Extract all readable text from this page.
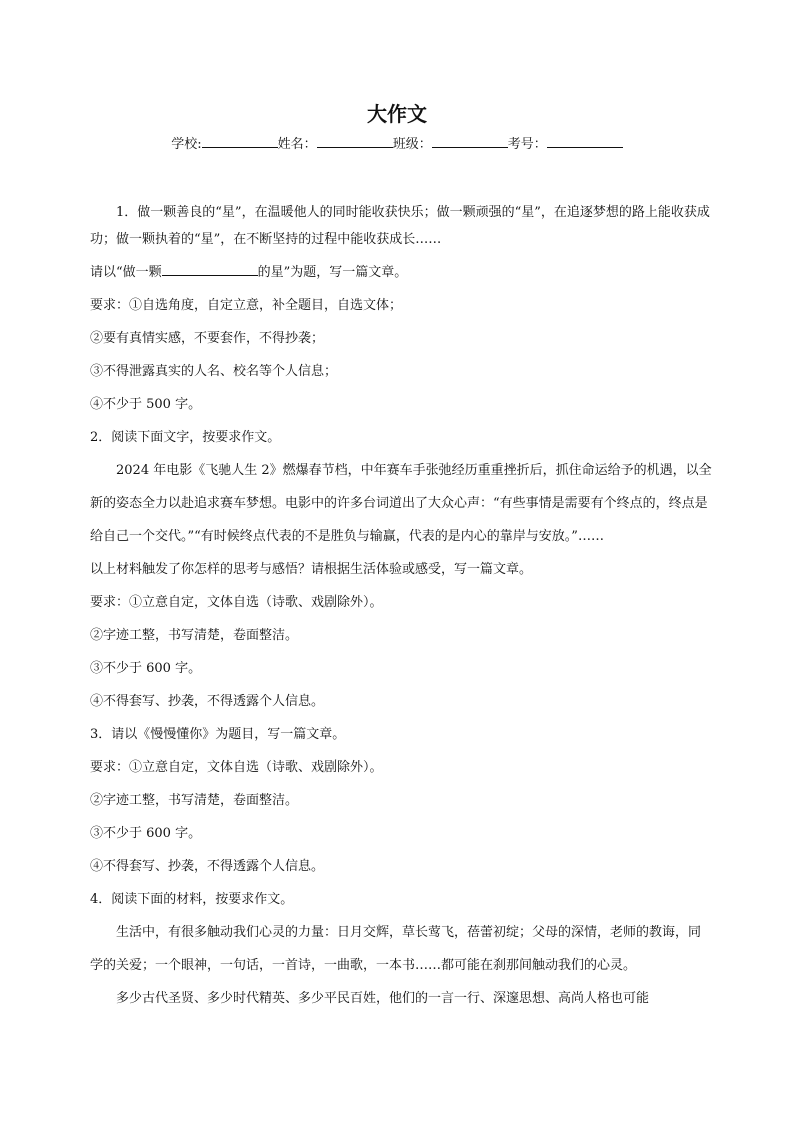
大作文
学校:	姓名：	班级：	考号：

1．做一颗善良的“星”，在温暖他人的同时能收获快乐；做一颗顽强的“星”，在追逐梦想的路上能收获成功；做一颗执着的“星”，在不断坚持的过程中能收获成长……

请以“做一颗	的星”为题，写一篇文章。

要求：①自选角度，自定立意，补全题目，自选文体；

②要有真情实感，不要套作，不得抄袭；

③不得泄露真实的人名、校名等个人信息；

④不少于 500 字。

2．阅读下面文字，按要求作文。

2024 年电影《飞驰人生 2》燃爆春节档，中年赛车手张弛经历重重挫折后，抓住命运给予的机遇，以全新的姿态全力以赴追求赛车梦想。电影中的许多台词道出了大众心声：“有些事情是需要有个终点的，终点是给自己一个交代。”“有时候终点代表的不是胜负与输赢，代表的是内心的靠岸与安放。”……

以上材料触发了你怎样的思考与感悟？请根据生活体验或感受，写一篇文章。

要求：①立意自定，文体自选（诗歌、戏剧除外）。

②字迹工整，书写清楚，卷面整洁。

③不少于 600 字。

④不得套写、抄袭，不得透露个人信息。

3．请以《慢慢懂你》为题目，写一篇文章。

要求：①立意自定，文体自选（诗歌、戏剧除外）。

②字迹工整，书写清楚，卷面整洁。

③不少于 600 字。

④不得套写、抄袭，不得透露个人信息。

4．阅读下面的材料，按要求作文。

生活中，有很多触动我们心灵的力量：日月交辉，草长莺飞，蓓蕾初绽；父母的深情，老师的教诲，同学的关爱；一个眼神，一句话，一首诗，一曲歌，一本书……都可能在刹那间触动我们的心灵。

多少古代圣贤、多少时代精英、多少平民百姓，他们的一言一行、深邃思想、高尚人格也可能
